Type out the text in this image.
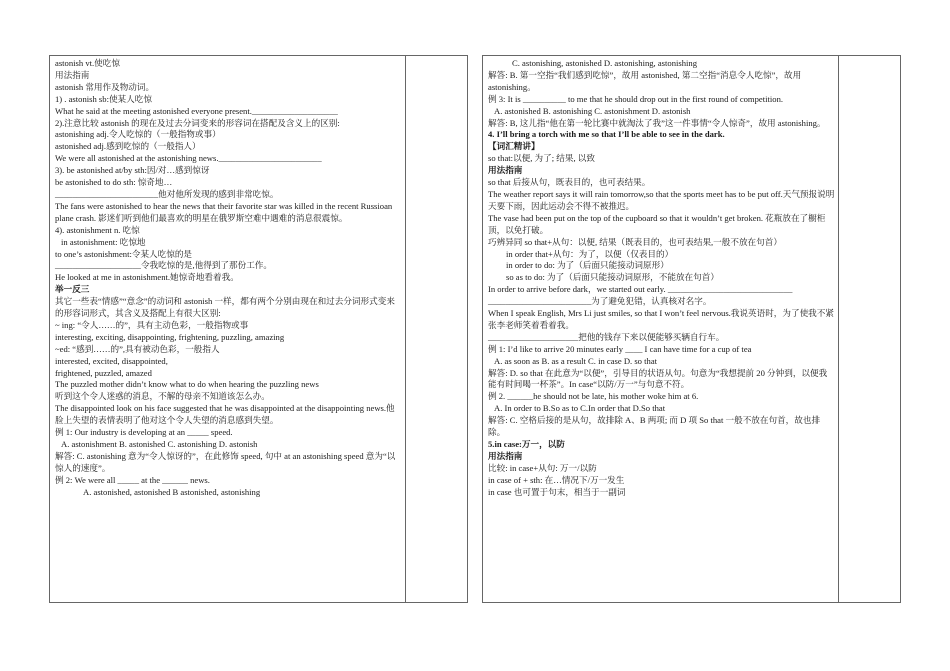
astonish vt.使吃惊
用法指南
astonish 常用作及物动词。
1) . astonish sb:使某人吃惊
What he said at the meeting astonished everyone present.____________________
2).注意比较 astonish 的现在及过去分词变来的形容词在搭配及含义上的区别:
astonishing adj.令人吃惊的（一般指物或事）
astonished adj.感到吃惊的（一般指人）
We were all astonished at the astonishing news.________________________
3). be astonished at/by sth:因/对…感到惊讶
be astonished to do sth: 惊奇地…
________________________他对他所发现的感到非常吃惊。
The fans were astonished to hear the news that their favorite star was killed in the recent Russioan plane crash. 影迷们听到他们最喜欢的明星在俄罗斯空难中遇难的消息很震惊。
4). astonishment n. 吃惊
in astonishment: 吃惊地
to one’s astonishment:令某人吃惊的是
____________________令我吃惊的是,他得到了那份工作。
He looked at me in astonishment.她惊奇地看着我。
举一反三
其它一些表“情感”“意念”的动词和 astonish 一样，都有两个分别由现在和过去分词形式变来的形容词形式，其含义及搭配上有很大区别:
~ ing: “令人……的”，具有主动色彩，一般指物或事
interesting, exciting, disappointing, frightening, puzzling, amazing
~ed: “感到……的”,具有被动色彩，一般指人
interested, excited, disappointed,
frightened, puzzled, amazed
The puzzled mother didn’t know what to do when hearing the puzzling news
听到这个令人迷惑的消息，不解的母亲不知道该怎么办。
The disappointed look on his face suggested that he was disappointed at the disappointing news.他脸上失望的表情表明了他对这个令人失望的消息感到失望。
例 1: Our industry is developing at an _____ speed.
A. astonishment B. astonished C. astonishing D. astonish
解答: C. astonishing 意为“令人惊讶的”，在此修饰 speed, 句中 at an astonishing speed 意为“以惊人的速度”。
例 2: We were all _____ at the ______ news.
A. astonished, astonished B astonished, astonishing
C. astonishing, astonished D. astonishing, astonishing
解答: B. 第一空指“我们感到吃惊”，故用 astonished, 第二空指“消息令人吃惊”，故用 astonishing。
例 3: It is __________ to me that he should drop out in the first round of competition.
A. astonished B. astonishing C. astonishment D. astonish
解答: B, 这儿指“他在第一轮比赛中就淘汰了我”这一件事情“令人惊奇”，故用 astonishing。
4. I’ll bring a torch with me so that I’ll be able to see in the dark.
【词汇精讲】
so that:以便, 为了; 结果, 以致
用法指南
so that 后接从句，既表目的，也可表结果。
The weather report says it will rain tomorrow,so that the sports meet has to be put off.天气预报说明天要下雨，因此运动会不得不被推迟。
The vase had been put on the top of the cupboard so that it wouldn’t get broken. 花瓶放在了橱柜顶，以免打破。
巧辨异同 so that+从句：以便, 结果（既表目的，也可表结果,一般不放在句首）
in order that+从句：为了，以便（仅表目的）
in order to do: 为了（后面只能接动词原形）
so as to do: 为了（后面只能接动词原形，不能放在句首）
In order to arrive before dark，we started out early. _____________________________
________________________为了避免犯错，认真核对名字。
When I speak English, Mrs Li just smiles, so that I won’t feel nervous.我说英语时，为了使我不紧张李老师笑着看着我。
_____________________把他的钱存下来以便能够买辆自行车。
例 1: I’d like to arrive 20 minutes early ____ I can have time for a cup of tea
A. as soon as B. as a result C. in case D. so that
解答: D. so that 在此意为“以便”，引导目的状语从句。句意为“我想提前 20 分钟到，以便我能有时间喝一杯茶”。In case“以防/万一”与句意不符。
例 2. ______he should not be late, his mother woke him at 6.
A. In order to B.So as to C.In order that D.So that
解答: C. 空格后接的是从句，故排除 A、B 两项; 而 D 项 So that 一般不放在句首，故也排除。
5.in case:万一，以防
用法指南
比较: in case+从句: 万一/以防
in case of + sth: 在…情况下/万一发生
in case 也可置于句末，相当于一副词
